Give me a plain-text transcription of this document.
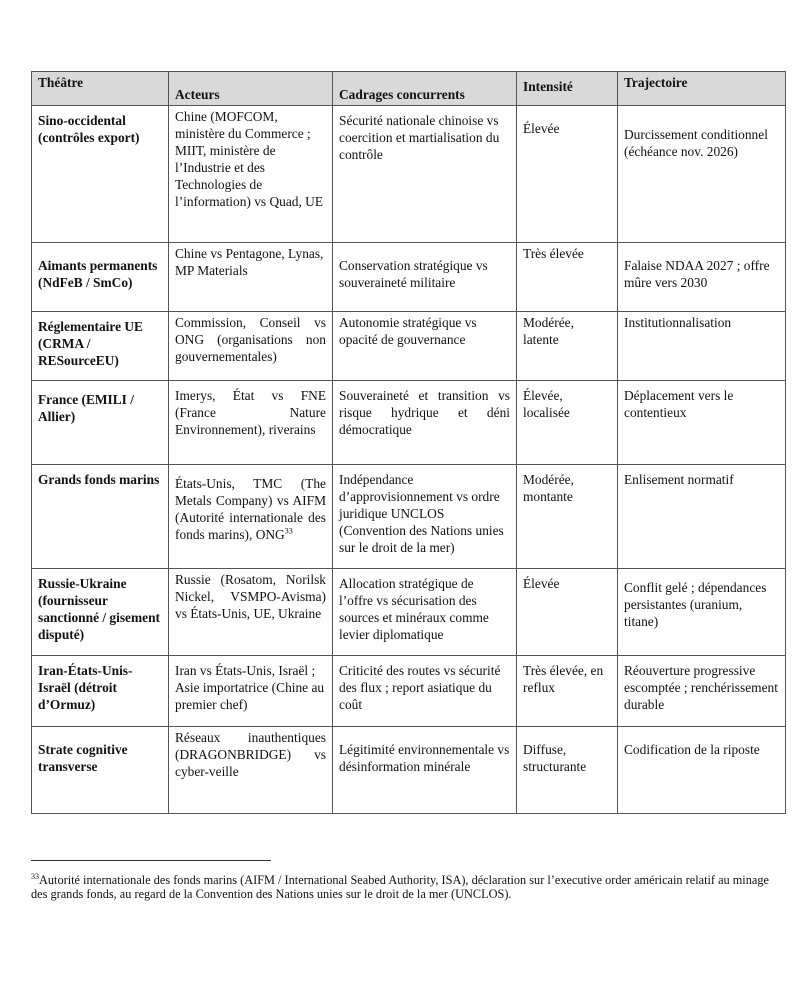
Théâtre	Acteurs	Cadrages concurrents	Intensité	Trajectoire
Sino-occidental (contrôles export)	Chine (MOFCOM, ministère du Commerce ; MIIT, ministère de l’Industrie et des Technologies de l’information) vs Quad, UE	Sécurité nationale chinoise vs coercition et martialisation du contrôle	Élevée	Durcissement conditionnel (échéance nov. 2026)
Aimants permanents (NdFeB / SmCo)	Chine vs Pentagone, Lynas, MP Materials	Conservation stratégique vs souveraineté militaire	Très élevée	Falaise NDAA 2027 ; offre mûre vers 2030
Réglementaire UE (CRMA / RESourceEU)	Commission, Conseil vs ONG (organisations non gouvernementales)	Autonomie stratégique vs opacité de gouvernance	Modérée, latente	Institutionnalisation
France (EMILI / Allier)	Imerys, État vs FNE (France Nature Environnement), riverains	Souveraineté et transition vs risque hydrique et déni démocratique	Élevée, localisée	Déplacement vers le contentieux
Grands fonds marins	États-Unis, TMC (The Metals Company) vs AIFM (Autorité internationale des fonds marins), ONG$^{33}$	Indépendance d’approvisionnement vs ordre juridique UNCLOS (Convention des Nations unies sur le droit de la mer)	Modérée, montante	Enlisement normatif
Russie-Ukraine (fournisseur sanctionné / gisement disputé)	Russie (Rosatom, Norilsk Nickel, VSMPO-Avisma) vs États-Unis, UE, Ukraine	Allocation stratégique de l’offre vs sécurisation des sources et minéraux comme levier diplomatique	Élevée	Conflit gelé ; dépendances persistantes (uranium, titane)
Iran-États-Unis-Israël (détroit d’Ormuz)	Iran vs États-Unis, Israël ; Asie importatrice (Chine au premier chef)	Criticité des routes vs sécurité des flux ; report asiatique du coût	Très élevée, en reflux	Réouverture progressive escomptée ; renchérissement durable
Strate cognitive transverse	Réseaux inauthentiques (DRAGONBRIDGE) vs cyber-veille	Légitimité environnementale vs désinformation minérale	Diffuse, structurante	Codification de la riposte
$^{33}$Autorité internationale des fonds marins (AIFM / International Seabed Authority, ISA), déclaration sur l’executive order américain relatif au minage des grands fonds, au regard de la Convention des Nations unies sur le droit de la mer (UNCLOS).
